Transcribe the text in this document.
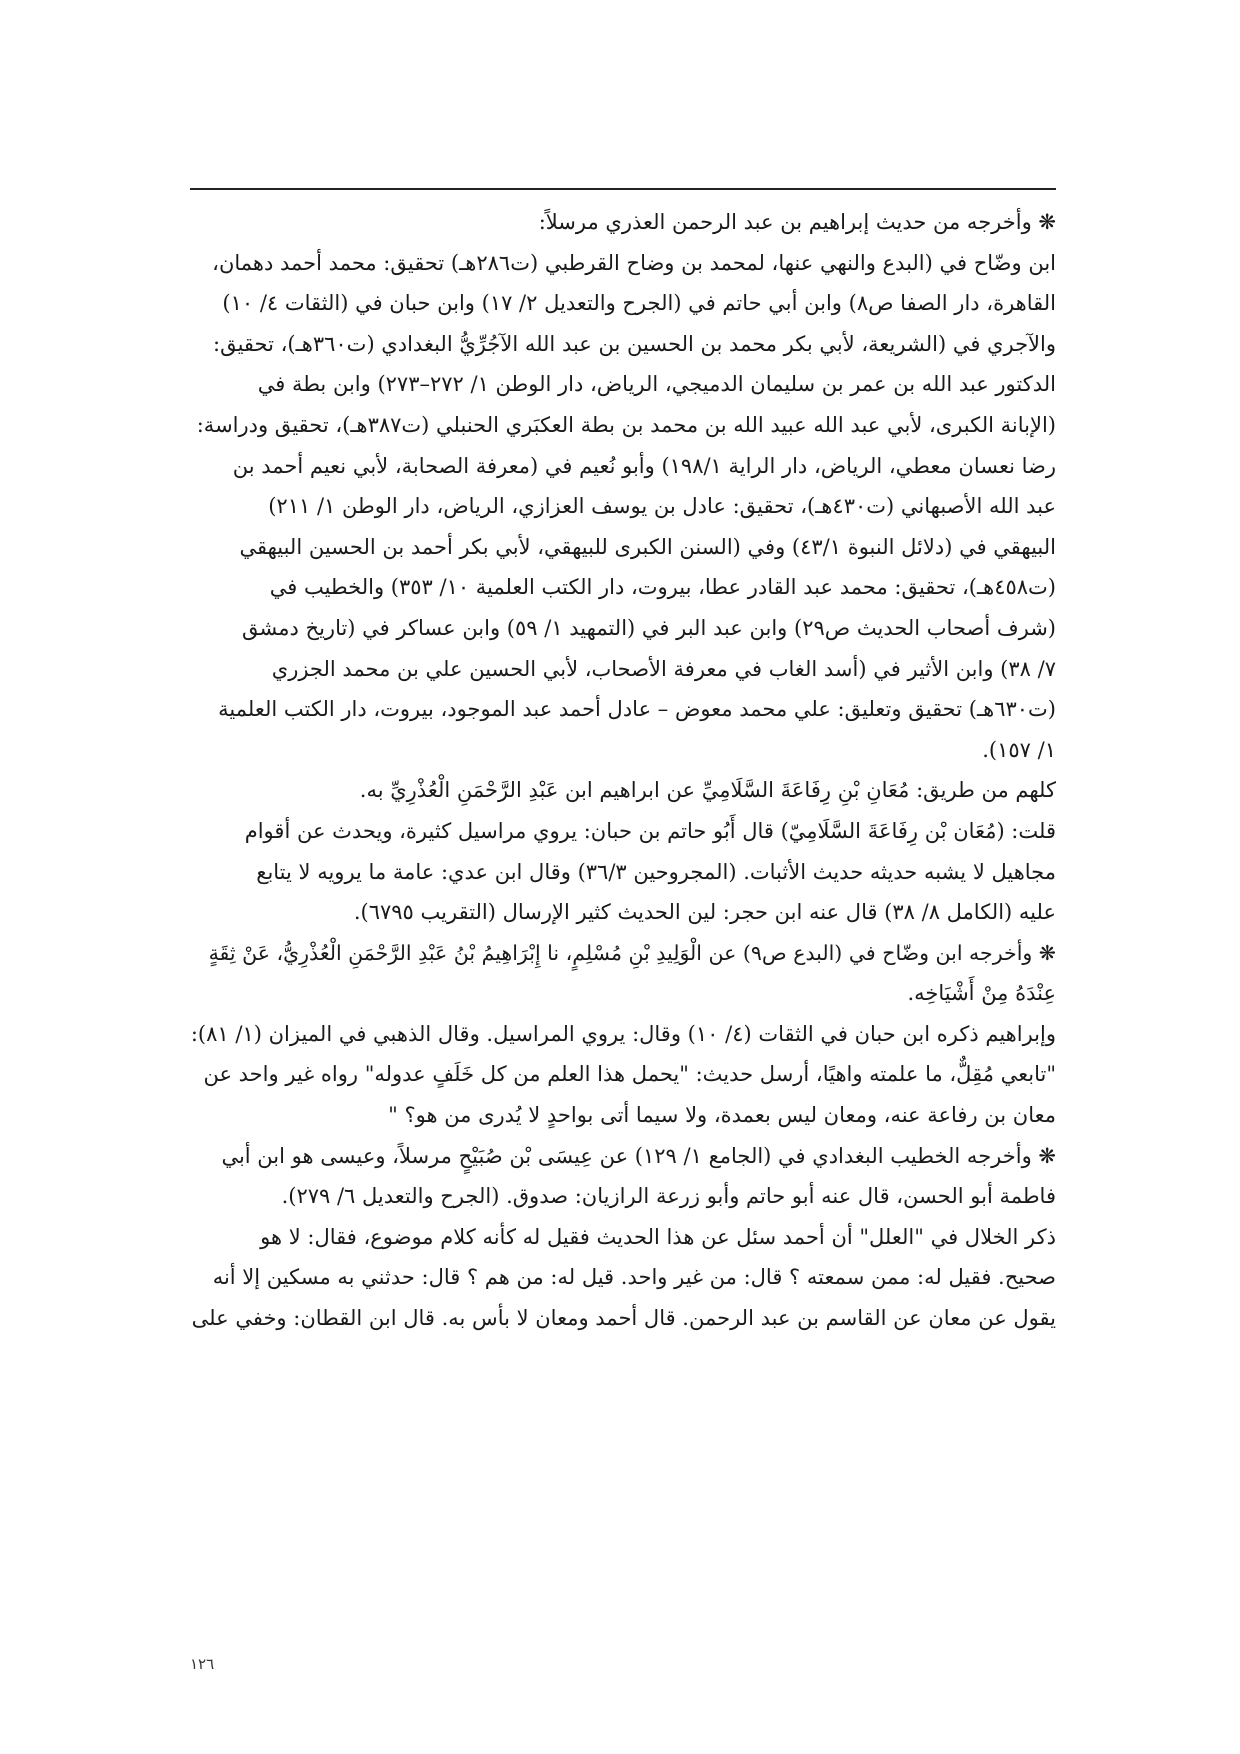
❋ وأخرجه من حديث إبراهيم بن عبد الرحمن العذري مرسلاً:

ابن وضّاح في (البدع والنهي عنها، لمحمد بن وضاح القرطبي (ت٢٨٦هـ) تحقيق: محمد أحمد دهمان،
القاهرة، دار الصفا ص٨) وابن أبي حاتم في (الجرح والتعديل ٢/ ١٧) وابن حبان في (الثقات ٤/ ١٠)
والآجري في (الشريعة، لأبي بكر محمد بن الحسين بن عبد الله الآجُرِّيُّ البغدادي (ت٣٦٠هـ)، تحقيق:
الدكتور عبد الله بن عمر بن سليمان الدميجي، الرياض، دار الوطن ١/ ٢٧٢–٢٧٣) وابن بطة في
(الإبانة الكبرى، لأبي عبد الله عبيد الله بن محمد بن بطة العكبَري الحنبلي (ت٣٨٧هـ)، تحقيق ودراسة:
رضا نعسان معطي، الرياض، دار الراية ١٩٨/١) وأبو نُعيم في (معرفة الصحابة، لأبي نعيم أحمد بن
عبد الله الأصبهاني (ت٤٣٠هـ)، تحقيق: عادل بن يوسف العزازي، الرياض، دار الوطن ١/ ٢١١)
البيهقي في (دلائل النبوة ٤٣/١) وفي (السنن الكبرى للبيهقي، لأبي بكر أحمد بن الحسين البيهقي
(ت٤٥٨هـ)، تحقيق: محمد عبد القادر عطا، بيروت، دار الكتب العلمية ١٠/ ٣٥٣) والخطيب في
(شرف أصحاب الحديث ص٢٩) وابن عبد البر في (التمهيد ١/ ٥٩) وابن عساكر في (تاريخ دمشق
٧/ ٣٨) وابن الأثير في (أسد الغاب في معرفة الأصحاب، لأبي الحسين علي بن محمد الجزري
(ت٦٣٠هـ) تحقيق وتعليق: علي محمد معوض – عادل أحمد عبد الموجود، بيروت، دار الكتب العلمية
١/ ١٥٧).

كلهم من طريق: مُعَانِ بْنِ رِفَاعَةَ السَّلَامِيِّ عن ابراهيم ابن عَبْدِ الرَّحْمَنِ الْعُذْرِيِّ به.

قلت: (مُعَان بْن رِفَاعَةَ السَّلَامِيّ) قال أَبُو حاتم بن حبان: يروي مراسيل كثيرة، ويحدث عن أقوام
مجاهيل لا يشبه حديثه حديث الأثبات. (المجروحين ٣٦/٣) وقال ابن عدي: عامة ما يرويه لا يتابع
عليه (الكامل ٨/ ٣٨) قال عنه ابن حجر: لين الحديث كثير الإرسال (التقريب ٦٧٩٥).

❋ وأخرجه ابن وضّاح في (البدع ص٩) عن الْوَلِيدِ بْنِ مُسْلِمٍ، نا إِبْرَاهِيمُ بْنُ عَبْدِ الرَّحْمَنِ الْعُذْرِيُّ، عَنْ ثِقَةٍ
عِنْدَهُ مِنْ أَشْيَاخِه.

وإبراهيم ذكره ابن حبان في الثقات (٤/ ١٠) وقال: يروي المراسيل. وقال الذهبي في الميزان (١/ ٨١):
"تابعي مُقِلٌّ، ما علمته واهيًا، أرسل حديث: "يحمل هذا العلم من كل خَلَفٍ عدوله" رواه غير واحد عن
معان بن رفاعة عنه، ومعان ليس بعمدة، ولا سيما أتى بواحدٍ لا يُدرى من هو؟ "

❋ وأخرجه الخطيب البغدادي في (الجامع ١/ ١٢٩) عن عِيسَى بْن صُبَيْحٍ مرسلاً، وعيسى هو ابن أبي
فاطمة أبو الحسن، قال عنه أبو حاتم وأبو زرعة الرازيان: صدوق. (الجرح والتعديل ٦/ ٢٧٩).

ذكر الخلال في "العلل" أن أحمد سئل عن هذا الحديث فقيل له كأنه كلام موضوع، فقال: لا هو
صحيح. فقيل له: ممن سمعته ؟ قال: من غير واحد. قيل له: من هم ؟ قال: حدثني به مسكين إلا أنه
يقول عن معان عن القاسم بن عبد الرحمن. قال أحمد ومعان لا بأس به. قال ابن القطان: وخفي على

١٢٦
